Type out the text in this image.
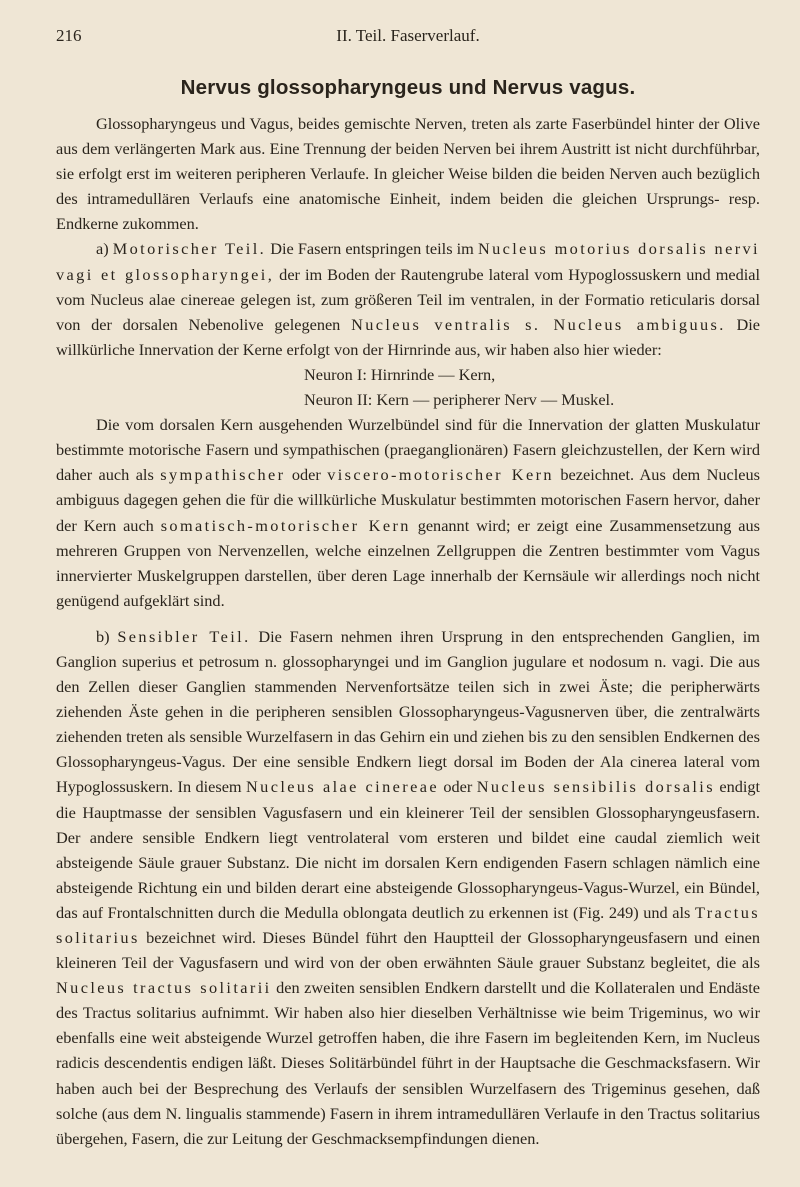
216	II. Teil. Faserverlauf.
Nervus glossopharyngeus und Nervus vagus.

Glossopharyngeus und Vagus, beides gemischte Nerven, treten als zarte Faserbündel hinter der Olive aus dem verlängerten Mark aus. Eine Trennung der beiden Nerven bei ihrem Austritt ist nicht durchführbar, sie erfolgt erst im weiteren peripheren Verlaufe. In gleicher Weise bilden die beiden Nerven auch bezüglich des intramedullären Verlaufs eine anatomische Einheit, indem beiden die gleichen Ursprungs- resp. Endkerne zukommen.

a) Motorischer Teil. Die Fasern entspringen teils im Nucleus motorius dorsalis nervi vagi et glossopharyngei, der im Boden der Rautengrube lateral vom Hypoglossuskern und medial vom Nucleus alae cinereae gelegen ist, zum größeren Teil im ventralen, in der Formatio reticularis dorsal von der dorsalen Nebenolive gelegenen Nucleus ventralis s. Nucleus ambiguus. Die willkürliche Innervation der Kerne erfolgt von der Hirnrinde aus, wir haben also hier wieder:

Neuron I: Hirnrinde — Kern,
Neuron II: Kern — peripherer Nerv — Muskel.

Die vom dorsalen Kern ausgehenden Wurzelbündel sind für die Innervation der glatten Muskulatur bestimmte motorische Fasern und sympathischen (praeganglionären) Fasern gleichzustellen, der Kern wird daher auch als sympathischer oder viscero-motorischer Kern bezeichnet. Aus dem Nucleus ambiguus dagegen gehen die für die willkürliche Muskulatur bestimmten motorischen Fasern hervor, daher der Kern auch somatisch-motorischer Kern genannt wird; er zeigt eine Zusammensetzung aus mehreren Gruppen von Nervenzellen, welche einzelnen Zellgruppen die Zentren bestimmter vom Vagus innervierter Muskelgruppen darstellen, über deren Lage innerhalb der Kernsäule wir allerdings noch nicht genügend aufgeklärt sind.

b) Sensibler Teil. Die Fasern nehmen ihren Ursprung in den entsprechenden Ganglien, im Ganglion superius et petrosum n. glossopharyngei und im Ganglion jugulare et nodosum n. vagi. Die aus den Zellen dieser Ganglien stammenden Nervenfortsätze teilen sich in zwei Äste; die peripherwärts ziehenden Äste gehen in die peripheren sensiblen Glossopharyngeus-Vagusnerven über, die zentralwärts ziehenden treten als sensible Wurzelfasern in das Gehirn ein und ziehen bis zu den sensiblen Endkernen des Glossopharyngeus-Vagus. Der eine sensible Endkern liegt dorsal im Boden der Ala cinerea lateral vom Hypoglossuskern. In diesem Nucleus alae cinereae oder Nucleus sensibilis dorsalis endigt die Hauptmasse der sensiblen Vagusfasern und ein kleinerer Teil der sensiblen Glossopharyngeusfasern. Der andere sensible Endkern liegt ventrolateral vom ersteren und bildet eine caudal ziemlich weit absteigende Säule grauer Substanz. Die nicht im dorsalen Kern endigenden Fasern schlagen nämlich eine absteigende Richtung ein und bilden derart eine absteigende Glossopharyngeus-Vagus-Wurzel, ein Bündel, das auf Frontalschnitten durch die Medulla oblongata deutlich zu erkennen ist (Fig. 249) und als Tractus solitarius bezeichnet wird. Dieses Bündel führt den Hauptteil der Glossopharyngeusfasern und einen kleineren Teil der Vagusfasern und wird von der oben erwähnten Säule grauer Substanz begleitet, die als Nucleus tractus solitarii den zweiten sensiblen Endkern darstellt und die Kollateralen und Endäste des Tractus solitarius aufnimmt. Wir haben also hier dieselben Verhältnisse wie beim Trigeminus, wo wir ebenfalls eine weit absteigende Wurzel getroffen haben, die ihre Fasern im begleitenden Kern, im Nucleus radicis descendentis endigen läßt. Dieses Solitärbündel führt in der Hauptsache die Geschmacksfasern. Wir haben auch bei der Besprechung des Verlaufs der sensiblen Wurzelfasern des Trigeminus gesehen, daß solche (aus dem N. lingualis stammende) Fasern in ihrem intramedullären Verlaufe in den Tractus solitarius übergehen, Fasern, die zur Leitung der Geschmacksempfindungen dienen.
